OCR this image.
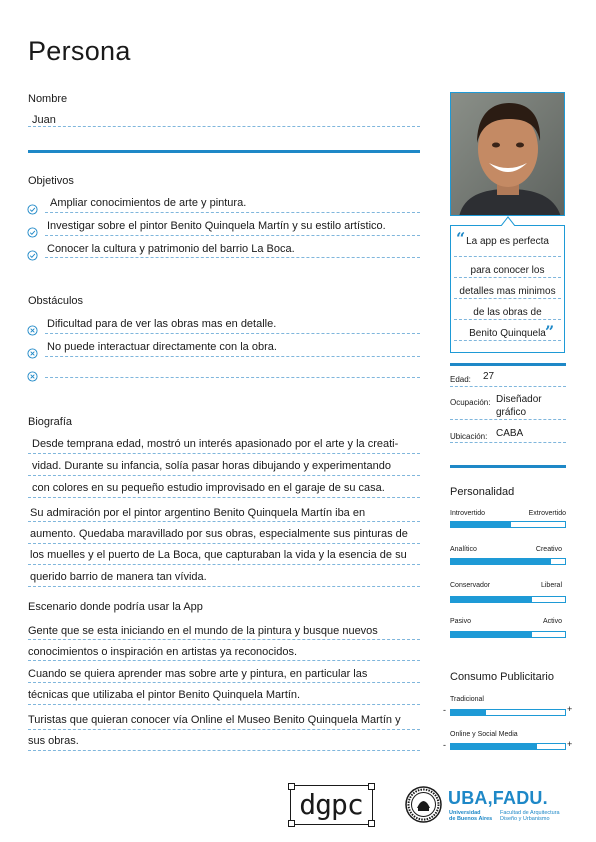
Persona
Nombre
Juan
Objetivos
Ampliar conocimientos de arte y pintura.
Investigar sobre el pintor Benito Quinquela Martín y su estilo artístico.
Conocer la cultura y patrimonio del barrio La Boca.
Obstáculos
Dificultad para de ver las obras mas en detalle.
No puede interactuar directamente con la obra.
Biografía
Desde temprana edad, mostró un interés apasionado por el arte y la creati-
vidad. Durante su infancia, solía pasar horas dibujando y experimentando
con colores en su pequeño estudio improvisado en el garaje de su casa.
Su admiración por el pintor argentino Benito Quinquela Martín iba en
aumento. Quedaba maravillado por sus obras, especialmente sus pinturas de
los muelles y el puerto de La Boca, que capturaban la vida y la esencia de su
querido barrio de manera tan vívida.
Escenario donde podría usar la App
Gente que se esta iniciando en el mundo de la pintura y busque nuevos
conocimientos o inspiración en artistas ya reconocidos.
Cuando se quiera aprender mas sobre arte y pintura, en particular las
técnicas que utilizaba el pintor Benito Quinquela Martín.
Turistas que quieran conocer vía Online el Museo Benito Quinquela Martín y
sus obras.
“
”
La app es perfecta
para conocer los
detalles mas minimos
de las obras de
Benito Quinquela
Edad: 27
Ocupación: Diseñador
gráfico
Ubicación: CABA
Personalidad
Introvertido	Extrovertido
Analítico	Creativo
Conservador	Liberal
Pasivo	Activo
Consumo Publicitario
Tradicional
-	+
Online y Social Media
-	+
dgpc	UBA,FADU.
Universidad
de Buenos Aires
Facultad de Arquitectura
Diseño y Urbanismo
